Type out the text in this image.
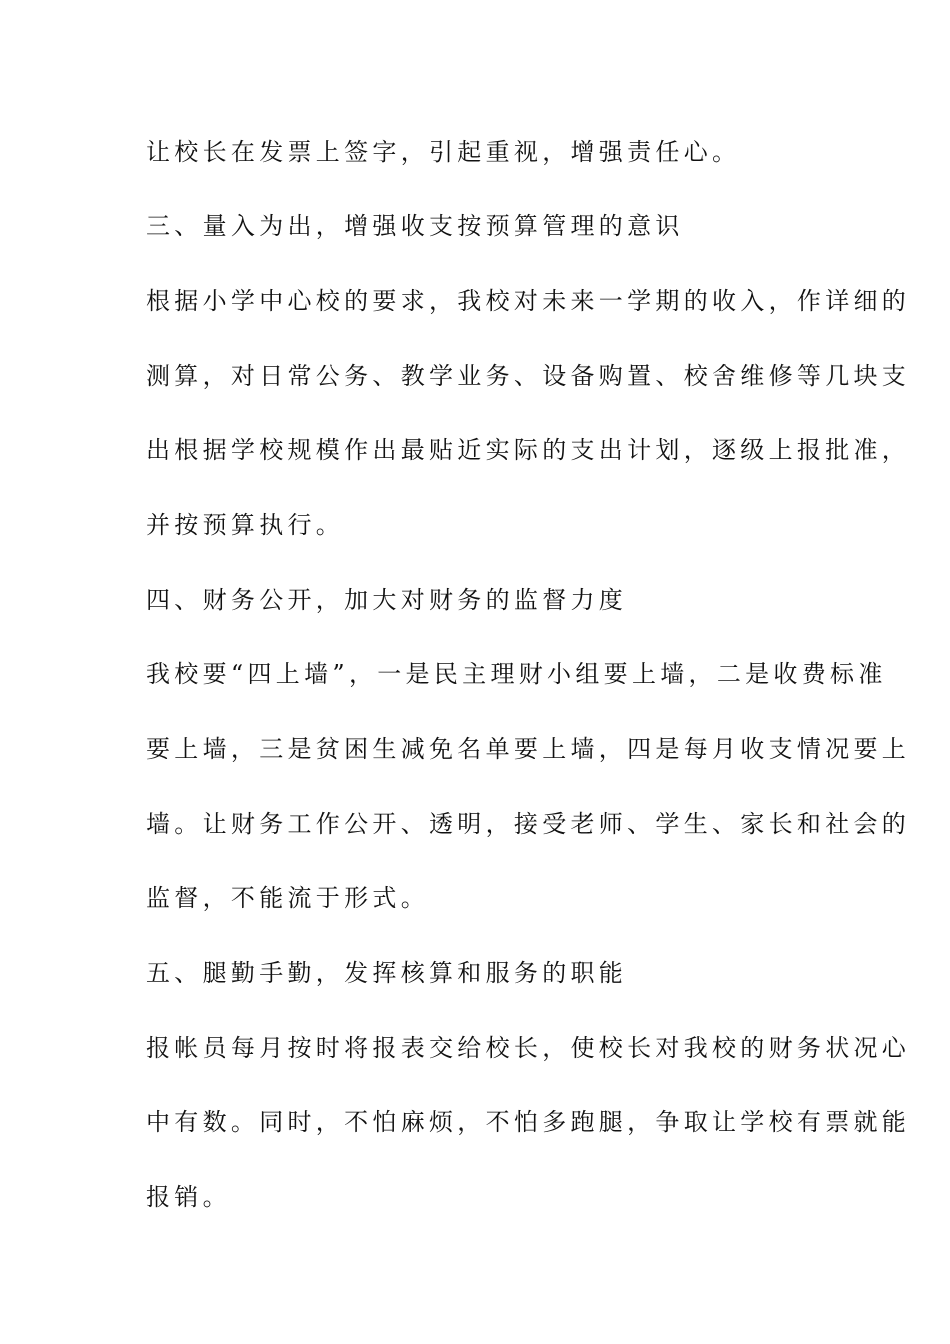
让校长在发票上签字，引起重视，增强责任心。
三、量入为出，增强收支按预算管理的意识
根据小学中心校的要求，我校对未来一学期的收入，作详细的
测算，对日常公务、教学业务、设备购置、校舍维修等几块支
出根据学校规模作出最贴近实际的支出计划，逐级上报批准，
并按预算执行。
四、财务公开，加大对财务的监督力度
我校要“四上墙”，一是民主理财小组要上墙，二是收费标准
要上墙，三是贫困生减免名单要上墙，四是每月收支情况要上
墙。让财务工作公开、透明，接受老师、学生、家长和社会的
监督，不能流于形式。
五、腿勤手勤，发挥核算和服务的职能
报帐员每月按时将报表交给校长，使校长对我校的财务状况心
中有数。同时，不怕麻烦，不怕多跑腿，争取让学校有票就能
报销。
